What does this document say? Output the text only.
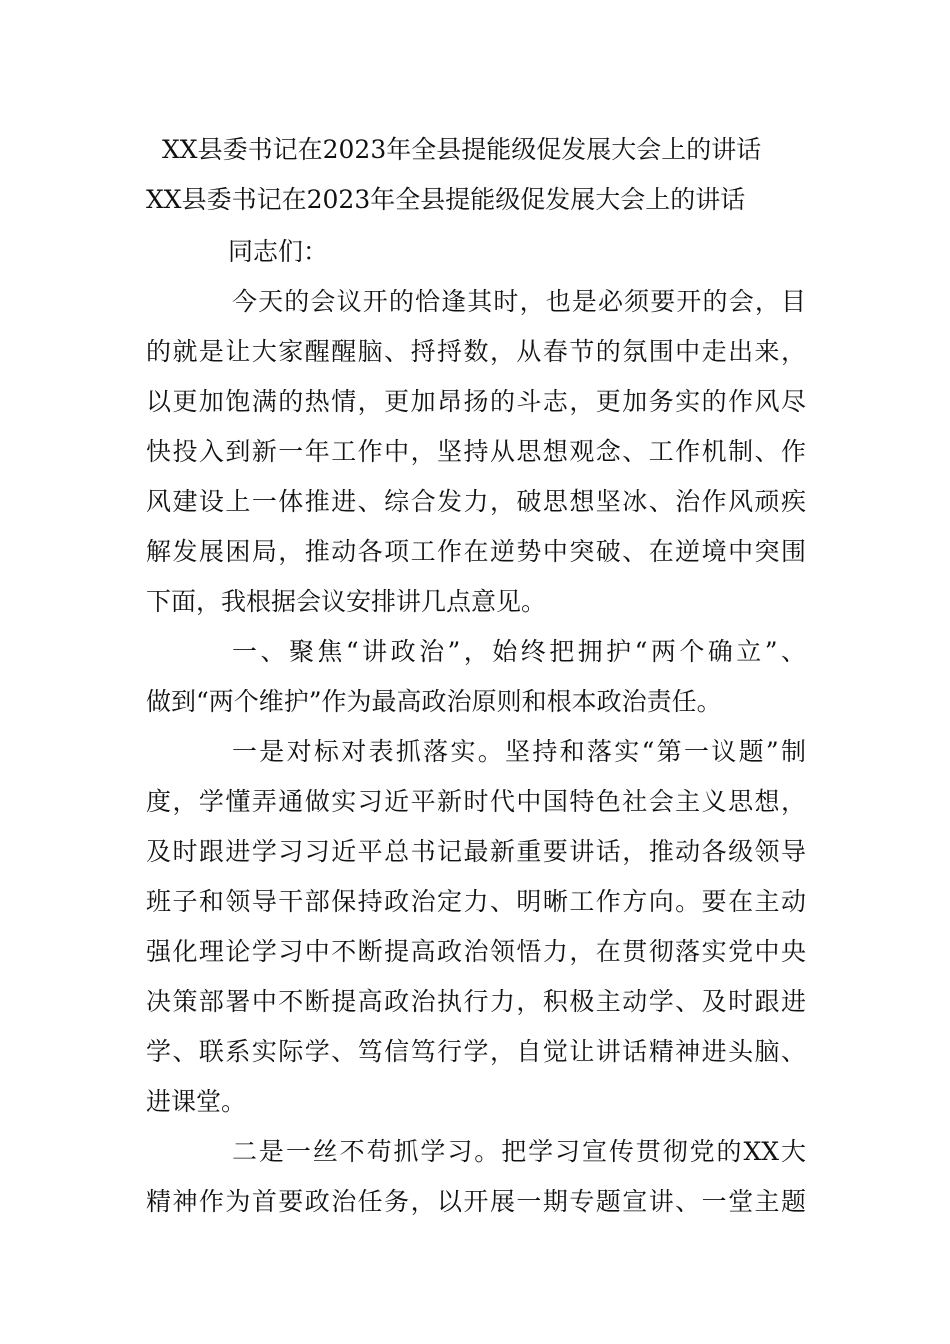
XX县委书记在2023年全县提能级促发展大会上的讲话
XX县委书记在2023年全县提能级促发展大会上的讲话
同志们：
今天的会议开的恰逢其时，也是必须要开的会，目
的就是让大家醒醒脑、捋捋数，从春节的氛围中走出来，
以更加饱满的热情，更加昂扬的斗志，更加务实的作风尽
快投入到新一年工作中，坚持从思想观念、工作机制、作
风建设上一体推进、综合发力，破思想坚冰、治作风顽疾
解发展困局，推动各项工作在逆势中突破、在逆境中突围
下面，我根据会议安排讲几点意见。
一、聚焦“讲政治”，始终把拥护“两个确立”、
做到“两个维护”作为最高政治原则和根本政治责任。
一是对标对表抓落实。坚持和落实“第一议题”制
度，学懂弄通做实习近平新时代中国特色社会主义思想，
及时跟进学习习近平总书记最新重要讲话，推动各级领导
班子和领导干部保持政治定力、明晰工作方向。要在主动
强化理论学习中不断提高政治领悟力，在贯彻落实党中央
决策部署中不断提高政治执行力，积极主动学、及时跟进
学、联系实际学、笃信笃行学，自觉让讲话精神进头脑、
进课堂。
二是一丝不苟抓学习。把学习宣传贯彻党的XX大
精神作为首要政治任务，以开展一期专题宣讲、一堂主题
